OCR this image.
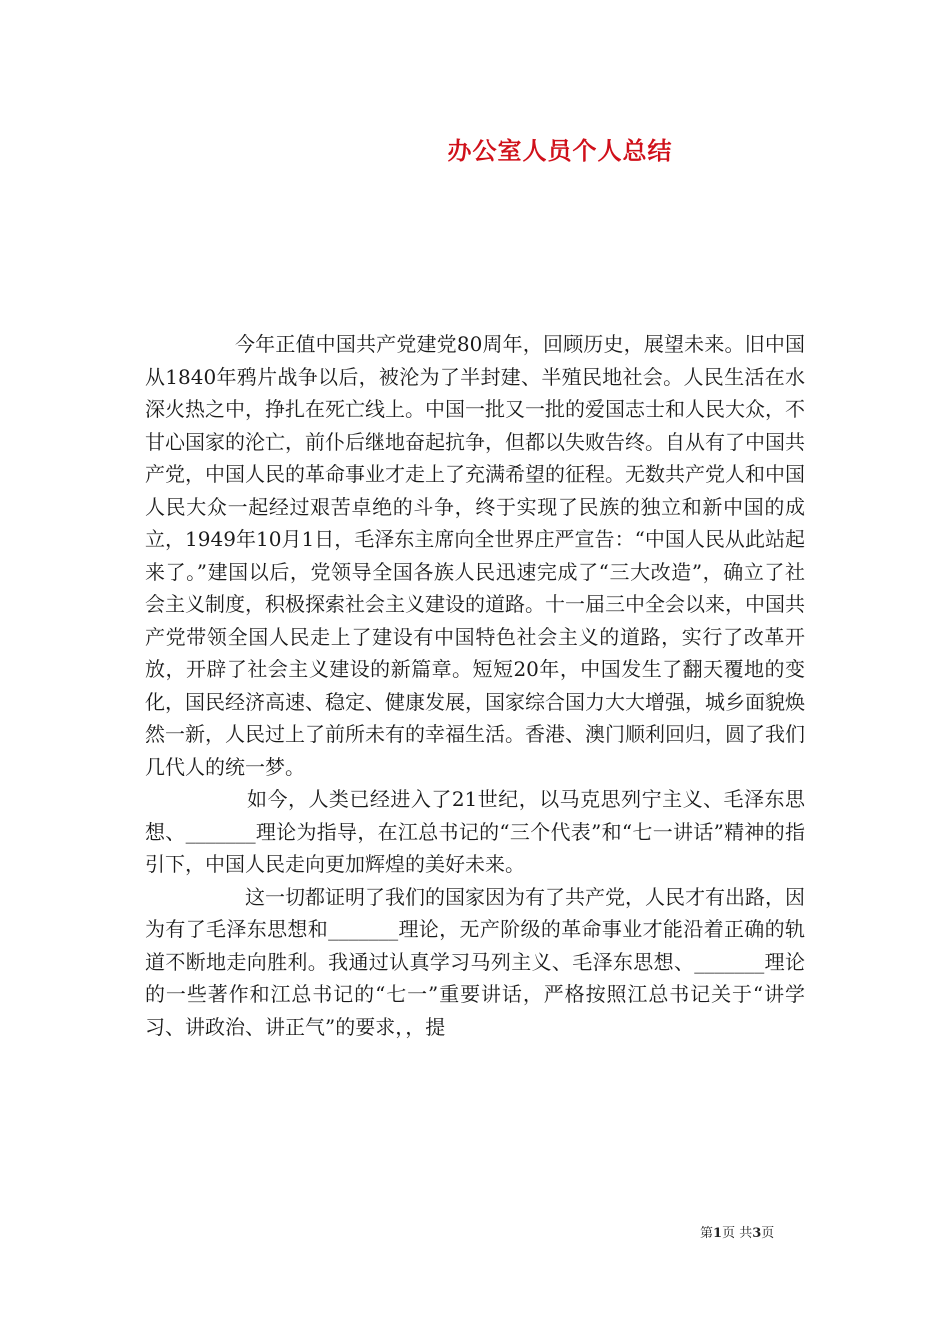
办公室人员个人总结

今年正值中国共产党建党80周年，回顾历史，展望未来。旧中国从1840年鸦片战争以后，被沦为了半封建、半殖民地社会。人民生活在水深火热之中，挣扎在死亡线上。中国一批又一批的爱国志士和人民大众，不甘心国家的沦亡，前仆后继地奋起抗争，但都以失败告终。自从有了中国共产党，中国人民的革命事业才走上了充满希望的征程。无数共产党人和中国人民大众一起经过艰苦卓绝的斗争，终于实现了民族的独立和新中国的成立，1949年10月1日，毛泽东主席向全世界庄严宣告：“中国人民从此站起来了。”建国以后，党领导全国各族人民迅速完成了“三大改造”，确立了社会主义制度，积极探索社会主义建设的道路。十一届三中全会以来，中国共产党带领全国人民走上了建设有中国特色社会主义的道路，实行了改革开放，开辟了社会主义建设的新篇章。短短20年，中国发生了翻天覆地的变化，国民经济高速、稳定、健康发展，国家综合国力大大增强，城乡面貌焕然一新，人民过上了前所未有的幸福生活。香港、澳门顺利回归，圆了我们几代人的统一梦。

如今，人类已经进入了21世纪，以马克思列宁主义、毛泽东思想、_______理论为指导，在江总书记的“三个代表”和“七一讲话”精神的指引下，中国人民走向更加辉煌的美好未来。

这一切都证明了我们的国家因为有了共产党，人民才有出路，因为有了毛泽东思想和_______理论，无产阶级的革命事业才能沿着正确的轨道不断地走向胜利。我通过认真学习马列主义、毛泽东思想、_______理论的一些著作和江总书记的“七一”重要讲话，严格按照江总书记关于“讲学习、讲政治、讲正气”的要求，，提

第1页 共3页
